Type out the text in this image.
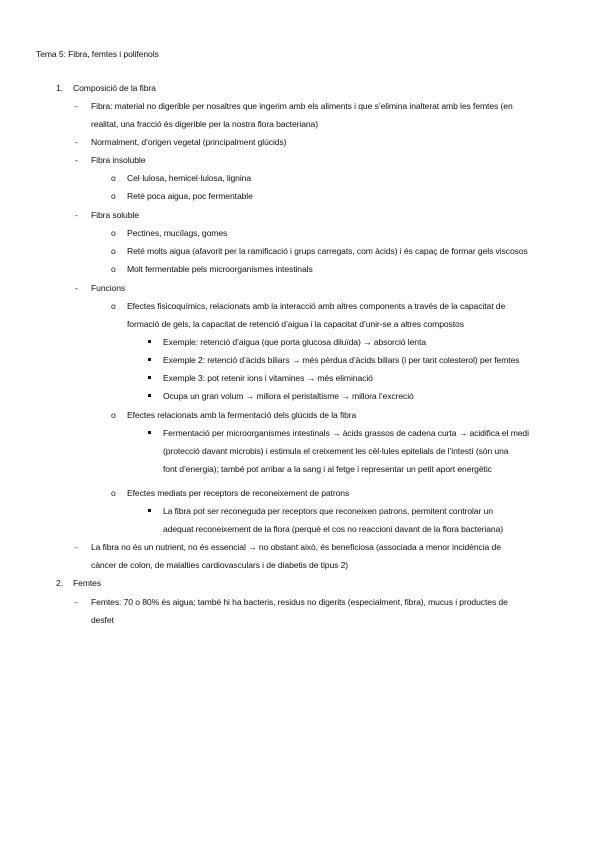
Tema 5: Fibra, femtes i polifenols
1.	Composició de la fibra
- Fibra: material no digerible per nosaltres que ingerim amb els aliments i que s’elimina inalterat amb les femtes (en
realitat, una fracció és digerible per la nostra flora bacteriana)
- Normalment, d’origen vegetal (principalment glúcids)
- Fibra insoluble
o Cel·lulosa, hemicel·lulosa, lignina
o Reté poca aigua, poc fermentable
- Fibra soluble
o Pectines, mucílags, gomes
o Reté molts aigua (afavorit per la ramificació i grups carregats, com àcids) i és capaç de formar gels viscosos
o Molt fermentable pels microorganismes intestinals
- Funcions
o Efectes fisicoquímics, relacionats amb la interacció amb altres components a través de la capacitat de
formació de gels, la capacitat de retenció d’aigua i la capacitat d’unir-se a altres compostos
Exemple: retenció d’aigua (que porta glucosa diluïda) → absorció lenta
Exemple 2: retenció d’àcids biliars → més pèrdua d’àcids biliars (i per tant colesterol) per femtes
Exemple 3: pot retenir ions i vitamines → més eliminació
Ocupa un gran volum → millora el peristaltisme → millora l’excreció
o Efectes relacionats amb la fermentació dels glúcids de la fibra
Fermentació per microorganismes intestinals → àcids grassos de cadena curta → acidifica el medi
(protecció davant microbis) i estimula el creixement les cèl·lules epitelials de l’intestí (són una
font d’energia); també pot arribar a la sang i al fetge i representar un petit aport energètic
o Efectes mediats per receptors de reconeixement de patrons
La fibra pot ser reconeguda per receptors que reconeixen patrons, permitent controlar un
adequat reconeixement de la flora (perquè el cos no reaccioni davant de la flora bacteriana)
- La fibra no és un nutrient, no és essencial → no obstant això, és beneficiosa (associada a menor incidència de
càncer de colon, de malalties cardiovasculars i de diabetis de tipus 2)
2.	Femtes
- Femtes: 70 o 80% és aigua; també hi ha bacteris, residus no digerits (especialment, fibra), mucus i productes de
desfet
